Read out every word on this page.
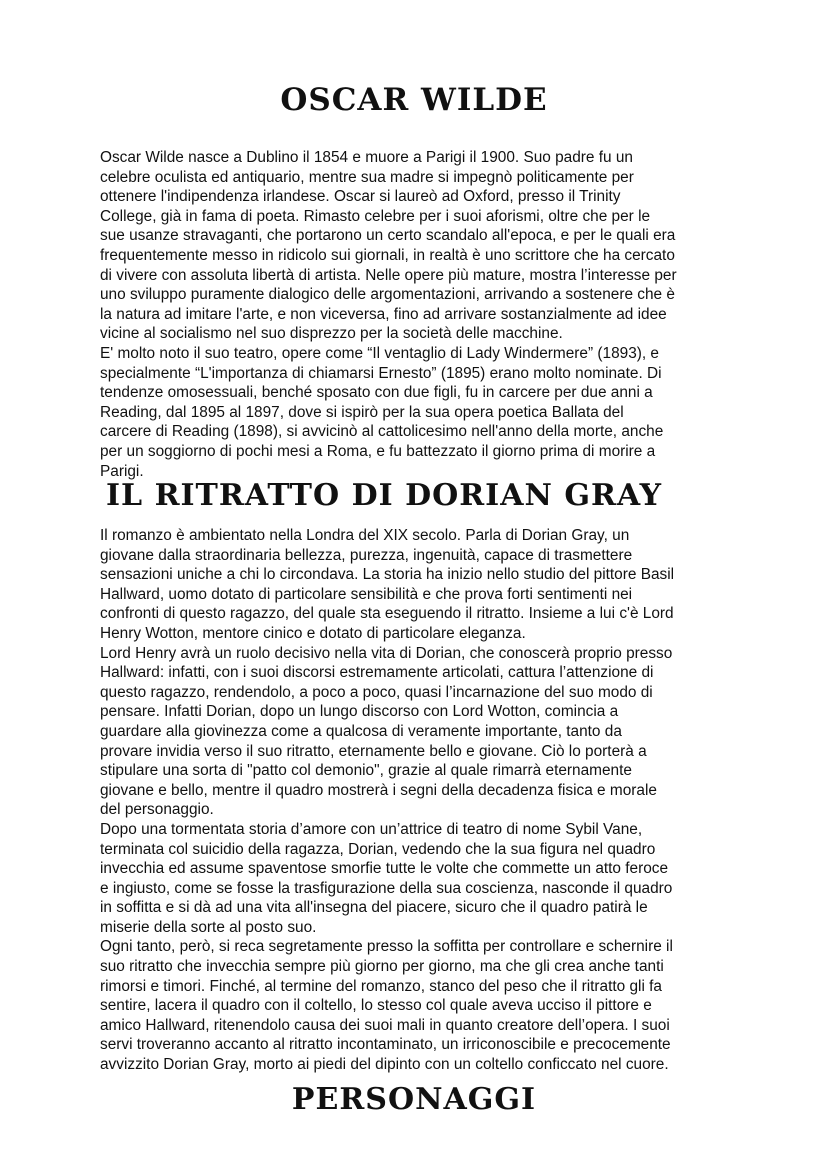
OSCAR WILDE

Oscar Wilde nasce a Dublino il 1854 e muore a Parigi il 1900. Suo padre fu un
celebre oculista ed antiquario, mentre sua madre si impegnò politicamente per
ottenere l'indipendenza irlandese. Oscar si laureò ad Oxford, presso il Trinity
College, già in fama di poeta. Rimasto celebre per i suoi aforismi, oltre che per le
sue usanze stravaganti, che portarono un certo scandalo all'epoca, e per le quali era
frequentemente messo in ridicolo sui giornali, in realtà è uno scrittore che ha cercato
di vivere con assoluta libertà di artista. Nelle opere più mature, mostra l’interesse per
uno sviluppo puramente dialogico delle argomentazioni, arrivando a sostenere che è
la natura ad imitare l'arte, e non viceversa, fino ad arrivare sostanzialmente ad idee
vicine al socialismo nel suo disprezzo per la società delle macchine.

E' molto noto il suo teatro, opere come “Il ventaglio di Lady Windermere” (1893), e
specialmente “L'importanza di chiamarsi Ernesto” (1895) erano molto nominate. Di
tendenze omosessuali, benché sposato con due figli, fu in carcere per due anni a
Reading, dal 1895 al 1897, dove si ispirò per la sua opera poetica Ballata del
carcere di Reading (1898), si avvicinò al cattolicesimo nell'anno della morte, anche
per un soggiorno di pochi mesi a Roma, e fu battezzato il giorno prima di morire a
Parigi.

IL RITRATTO DI DORIAN GRAY

Il romanzo è ambientato nella Londra del XIX secolo. Parla di Dorian Gray, un
giovane dalla straordinaria bellezza, purezza, ingenuità, capace di trasmettere
sensazioni uniche a chi lo circondava. La storia ha inizio nello studio del pittore Basil
Hallward, uomo dotato di particolare sensibilità e che prova forti sentimenti nei
confronti di questo ragazzo, del quale sta eseguendo il ritratto. Insieme a lui c'è Lord
Henry Wotton, mentore cinico e dotato di particolare eleganza.

Lord Henry avrà un ruolo decisivo nella vita di Dorian, che conoscerà proprio presso
Hallward: infatti, con i suoi discorsi estremamente articolati, cattura l’attenzione di
questo ragazzo, rendendolo, a poco a poco, quasi l’incarnazione del suo modo di
pensare. Infatti Dorian, dopo un lungo discorso con Lord Wotton, comincia a
guardare alla giovinezza come a qualcosa di veramente importante, tanto da
provare invidia verso il suo ritratto, eternamente bello e giovane. Ciò lo porterà a
stipulare una sorta di "patto col demonio", grazie al quale rimarrà eternamente
giovane e bello, mentre il quadro mostrerà i segni della decadenza fisica e morale
del personaggio.

Dopo una tormentata storia d’amore con un’attrice di teatro di nome Sybil Vane,
terminata col suicidio della ragazza, Dorian, vedendo che la sua figura nel quadro
invecchia ed assume spaventose smorfie tutte le volte che commette un atto feroce
e ingiusto, come se fosse la trasfigurazione della sua coscienza, nasconde il quadro
in soffitta e si dà ad una vita all'insegna del piacere, sicuro che il quadro patirà le
miserie della sorte al posto suo.

Ogni tanto, però, si reca segretamente presso la soffitta per controllare e schernire il
suo ritratto che invecchia sempre più giorno per giorno, ma che gli crea anche tanti
rimorsi e timori. Finché, al termine del romanzo, stanco del peso che il ritratto gli fa
sentire, lacera il quadro con il coltello, lo stesso col quale aveva ucciso il pittore e
amico Hallward, ritenendolo causa dei suoi mali in quanto creatore dell’opera. I suoi
servi troveranno accanto al ritratto incontaminato, un irriconoscibile e precocemente
avvizzito Dorian Gray, morto ai piedi del dipinto con un coltello conficcato nel cuore.

PERSONAGGI
